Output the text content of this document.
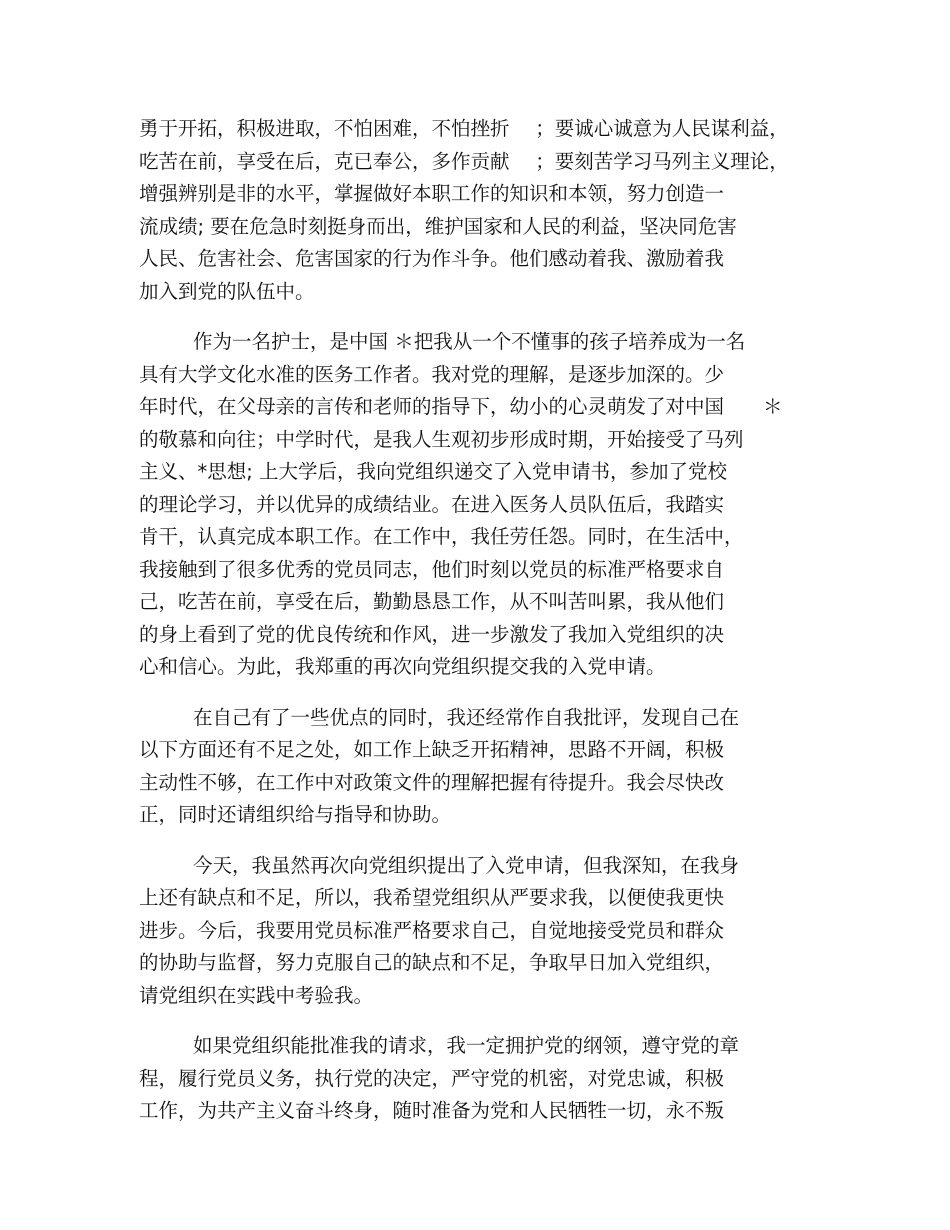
勇于开拓，积极进取，不怕困难，不怕挫折　 ；要诚心诚意为人民谋利益，
吃苦在前，享受在后，克已奉公，多作贡献　 ；要刻苦学习马列主义理论，
增强辨别是非的水平，掌握做好本职工作的知识和本领，努力创造一
流成绩; 要在危急时刻挺身而出，维护国家和人民的利益，坚决同危害
人民、危害社会、危害国家的行为作斗争。他们感动着我、激励着我
加入到党的队伍中。
作为一名护士，是中国 ＊把我从一个不懂事的孩子培养成为一名
具有大学文化水准的医务工作者。我对党的理解，是逐步加深的。少
年时代，在父母亲的言传和老师的指导下，幼小的心灵萌发了对中国　　＊
的敬慕和向往；中学时代，是我人生观初步形成时期，开始接受了马列
主义、*思想; 上大学后，我向党组织递交了入党申请书，参加了党校
的理论学习，并以优异的成绩结业。在进入医务人员队伍后，我踏实
肯干，认真完成本职工作。在工作中，我任劳任怨。同时，在生活中，
我接触到了很多优秀的党员同志，他们时刻以党员的标准严格要求自
己，吃苦在前，享受在后，勤勤恳恳工作，从不叫苦叫累，我从他们
的身上看到了党的优良传统和作风，进一步激发了我加入党组织的决
心和信心。为此，我郑重的再次向党组织提交我的入党申请。
在自己有了一些优点的同时，我还经常作自我批评，发现自己在
以下方面还有不足之处，如工作上缺乏开拓精神，思路不开阔，积极
主动性不够，在工作中对政策文件的理解把握有待提升。我会尽快改
正，同时还请组织给与指导和协助。
今天，我虽然再次向党组织提出了入党申请，但我深知，在我身
上还有缺点和不足，所以，我希望党组织从严要求我，以便使我更快
进步。今后，我要用党员标准严格要求自己，自觉地接受党员和群众
的协助与监督，努力克服自己的缺点和不足，争取早日加入党组织，
请党组织在实践中考验我。
如果党组织能批准我的请求，我一定拥护党的纲领，遵守党的章
程，履行党员义务，执行党的决定，严守党的机密，对党忠诚，积极
工作，为共产主义奋斗终身，随时准备为党和人民牺牲一切，永不叛
